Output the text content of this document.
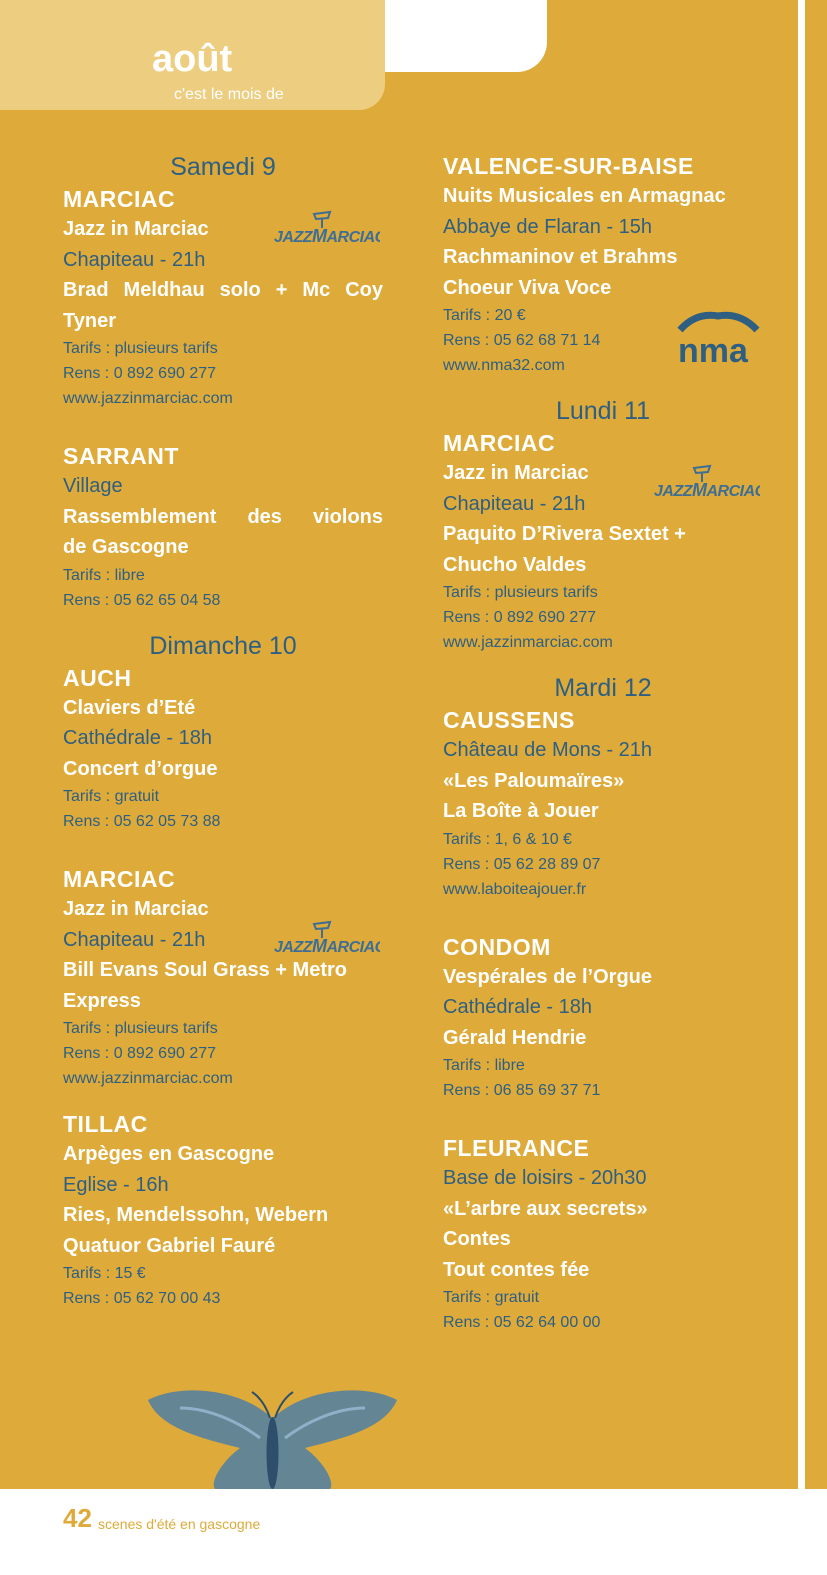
août
c'est le mois de
Samedi 9
MARCIAC
Jazz in Marciac
Chapiteau - 21h
Brad Meldhau solo + Mc Coy
Tyner
Tarifs : plusieurs tarifs
Rens : 0 892 690 277
www.jazzinmarciac.com
SARRANT
Village
Rassemblement des violons
de Gascogne
Tarifs : libre
Rens : 05 62 65 04 58
Dimanche 10
AUCH
Claviers d’Eté
Cathédrale - 18h
Concert d’orgue
Tarifs : gratuit
Rens : 05 62 05 73 88
MARCIAC
Jazz in Marciac
Chapiteau - 21h
Bill Evans Soul Grass + Metro
Express
Tarifs : plusieurs tarifs
Rens : 0 892 690 277
www.jazzinmarciac.com
TILLAC
Arpèges en Gascogne
Eglise - 16h
Ries, Mendelssohn, Webern
Quatuor Gabriel Fauré
Tarifs : 15 €
Rens : 05 62 70 00 43
VALENCE-SUR-BAISE
Nuits Musicales en Armagnac
Abbaye de Flaran - 15h
Rachmaninov et Brahms
Choeur Viva Voce
Tarifs : 20 €
Rens : 05 62 68 71 14
www.nma32.com
Lundi 11
MARCIAC
Jazz in Marciac
Chapiteau - 21h
Paquito D’Rivera Sextet +
Chucho Valdes
Tarifs : plusieurs tarifs
Rens : 0 892 690 277
www.jazzinmarciac.com
Mardi 12
CAUSSENS
Château de Mons - 21h
«Les Paloumaïres»
La Boîte à Jouer
Tarifs : 1, 6 & 10 €
Rens : 05 62 28 89 07
www.laboiteajouer.fr
CONDOM
Vespérales de l’Orgue
Cathédrale - 18h
Gérald Hendrie
Tarifs : libre
Rens : 06 85 69 37 71
FLEURANCE
Base de loisirs - 20h30
«L’arbre aux secrets»
Contes
Tout contes fée
Tarifs : gratuit
Rens : 05 62 64 00 00
JAZZMARCIAC
JAZZMARCIAC
JAZZMARCIAC
nma
42 scenes d'été en gascogne
